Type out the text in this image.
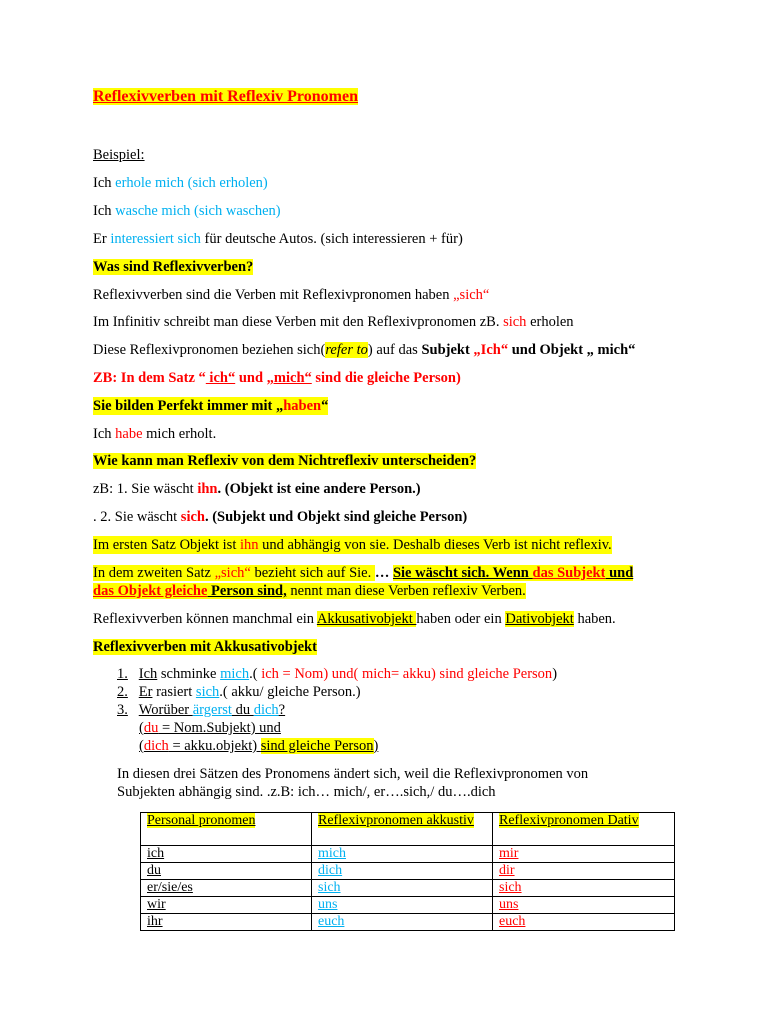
Reflexivverben mit Reflexiv Pronomen
Beispiel:
Ich erhole mich (sich erholen)
Ich wasche mich (sich waschen)
Er interessiert sich für deutsche Autos. (sich interessieren + für)
Was sind Reflexivverben?
Reflexivverben sind die Verben mit Reflexivpronomen haben „sich“
Im Infinitiv schreibt man diese Verben mit den Reflexivpronomen zB. sich erholen
Diese Reflexivpronomen beziehen sich(refer to) auf das Subjekt „Ich“ und Objekt „ mich“
ZB: In dem Satz “ ich“ und „mich“ sind die gleiche Person)
Sie bilden Perfekt immer mit „haben“
Ich habe mich erholt.
Wie kann man Reflexiv von dem Nichtreflexiv unterscheiden?
zB: 1. Sie wäscht ihn. (Objekt ist eine andere Person.)
. 2. Sie wäscht sich. (Subjekt und Objekt sind gleiche Person)
Im ersten Satz Objekt ist ihn und abhängig von sie. Deshalb dieses Verb ist nicht reflexiv.
In dem zweiten Satz „sich“ bezieht sich auf Sie. … Sie wäscht sich. Wenn das Subjekt und
das Objekt gleiche Person sind, nennt man diese Verben reflexiv Verben.
Reflexivverben können manchmal ein Akkusativobjekt haben oder ein Dativobjekt haben.
Reflexivverben mit Akkusativobjekt
1. Ich schminke mich.( ich = Nom) und( mich= akku) sind gleiche Person)
2. Er rasiert sich.( akku/ gleiche Person.)
3. Worüber ärgerst du dich?
(du = Nom.Subjekt) und
(dich = akku.objekt) sind gleiche Person)
In diesen drei Sätzen des Pronomens ändert sich, weil die Reflexivpronomen von
Subjekten abhängig sind. .z.B: ich… mich/, er….sich,/ du….dich
Personal pronomen	Reflexivpronomen akkustiv	Reflexivpronomen Dativ
ich	mich	mir
du	dich	dir
er/sie/es	sich	sich
wir	uns	uns
ihr	euch	euch
